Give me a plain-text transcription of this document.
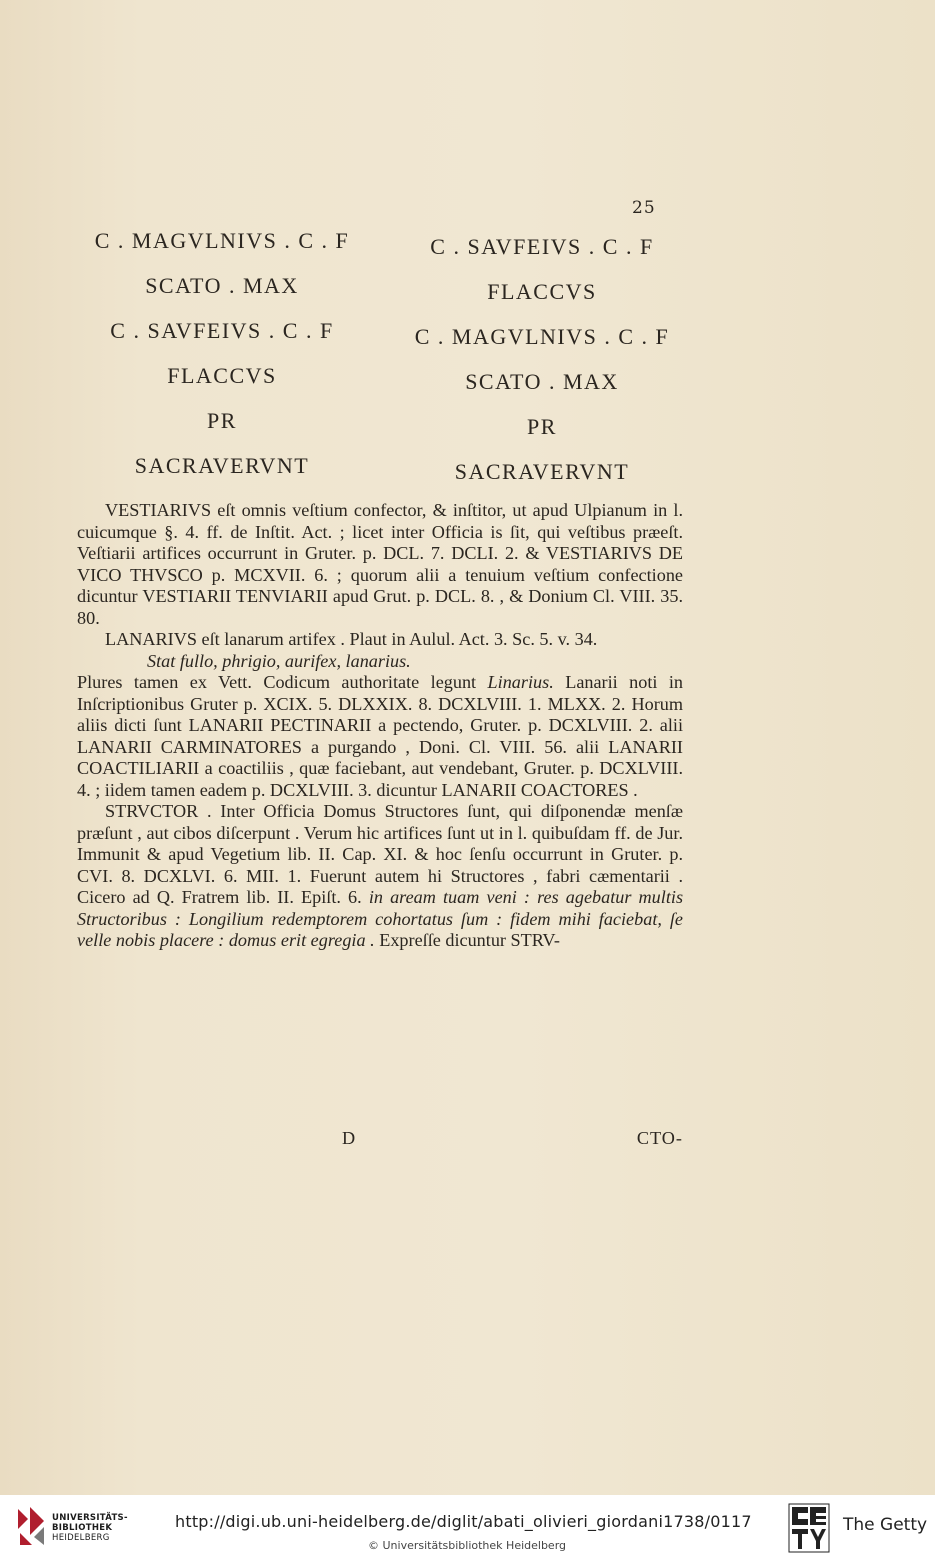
25
C . MAGVLNIVS . C . F
SCATO . MAX
C . SAVFEIVS . C . F
FLACCVS
PR
SACRAVERVNT
C . SAVFEIVS . C . F
FLACCVS
C . MAGVLNIVS . C . F
SCATO . MAX
PR
SACRAVERVNT

VESTIARIVS eſt omnis veſtium confector, & inſtitor, ut apud Ulpianum in l. cuicumque §. 4. ff. de Inſtit. Act. ; licet inter Officia is ſit, qui veſtibus præeſt. Veſtiarii artifices occurrunt in Gruter. p. DCL. 7. DCLI. 2. & VESTIARIVS DE VICO THVSCO p. MCXVII. 6. ; quorum alii a tenuium veſtium confectione dicuntur VESTIARII TENVIARII apud Grut. p. DCL. 8. , & Donium Cl. VIII. 35. 80.

LANARIVS eſt lanarum artifex . Plaut in Aulul. Act. 3. Sc. 5. v. 34.

Stat fullo, phrigio, aurifex, lanarius.

Plures tamen ex Vett. Codicum authoritate legunt Linarius. Lanarii noti in Inſcriptionibus Gruter p. XCIX. 5. DLXXIX. 8. DCXLVIII. 1. MLXX. 2. Horum aliis dicti ſunt LANARII PECTINARII a pectendo, Gruter. p. DCXLVIII. 2. alii LANARII CARMINATORES a purgando , Doni. Cl. VIII. 56. alii LANARII COACTILIARII a coactiliis , quæ faciebant, aut vendebant, Gruter. p. DCXLVIII. 4. ; iidem tamen eadem p. DCXLVIII. 3. dicuntur LANARII COACTORES .

STRVCTOR . Inter Officia Domus Structores ſunt, qui diſponendæ menſæ præſunt , aut cibos diſcerpunt . Verum hic artifices ſunt ut in l. quibuſdam ff. de Jur. Immunit & apud Vegetium lib. II. Cap. XI. & hoc ſenſu occurrunt in Gruter. p. CVI. 8. DCXLVI. 6. MII. 1. Fuerunt autem hi Structores , fabri cæmentarii . Cicero ad Q. Fratrem lib. II. Epiſt. 6. in aream tuam veni : res agebatur multis Structoribus : Longilium redemptorem cohortatus ſum : fidem mihi faciebat, ſe velle nobis placere : domus erit egregia . Expreſſe dicuntur STRV-

D	CTO-
UNIVERSITÄTS-
BIBLIOTHEK
HEIDELBERG
http://digi.ub.uni-heidelberg.de/diglit/abati_olivieri_giordani1738/0117
© Universitätsbibliothek Heidelberg
The Getty
